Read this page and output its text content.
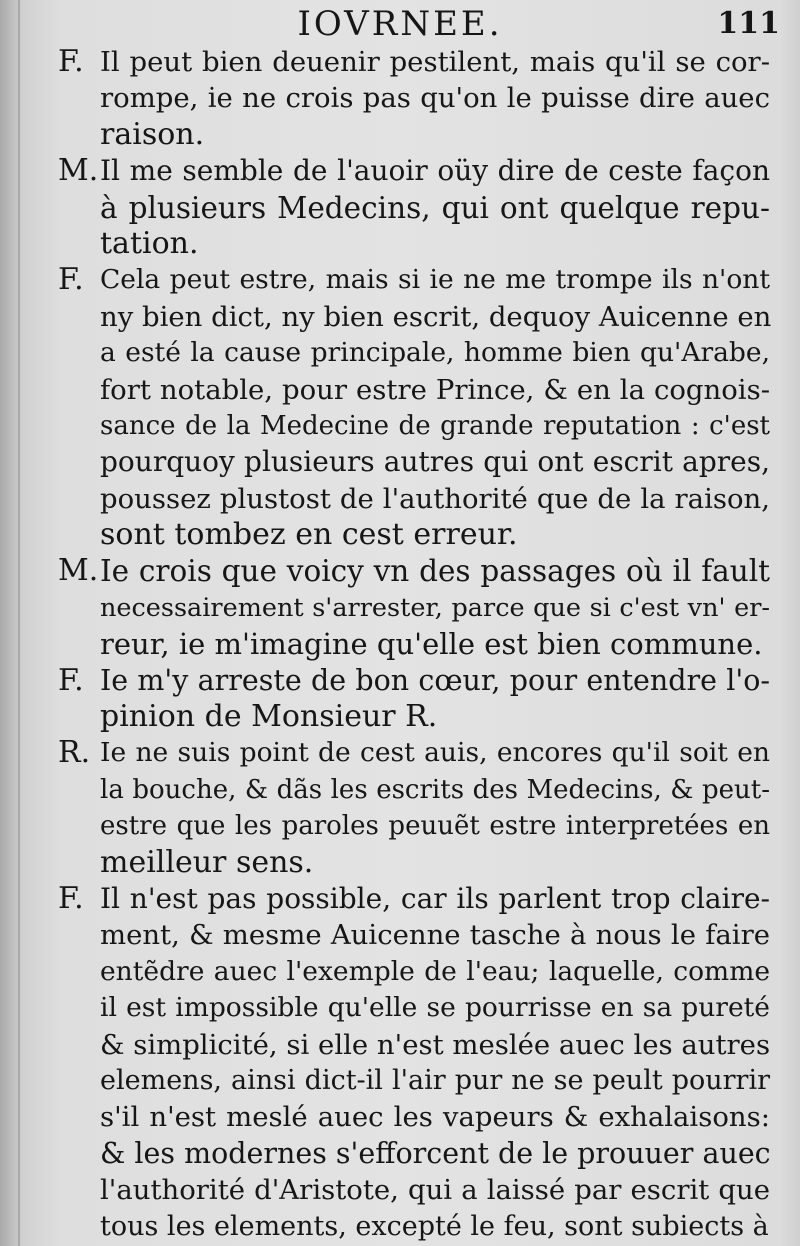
IOVRNEE.	111
F. Il peut bien deuenir pestilent, mais qu'il se cor-
rompe, ie ne crois pas qu'on le puisse dire auec
raison.
M. Il me semble de l'auoir oüy dire de ceste façon
à plusieurs Medecins, qui ont quelque repu-
tation.
F. Cela peut estre, mais si ie ne me trompe ils n'ont
ny bien dict, ny bien escrit, dequoy Auicenne en
a esté la cause principale, homme bien qu'Arabe,
fort notable, pour estre Prince, & en la cognois-
sance de la Medecine de grande reputation : c'est
pourquoy plusieurs autres qui ont escrit apres,
poussez plustost de l'authorité que de la raison,
sont tombez en cest erreur.
M. Ie crois que voicy vn des passages où il fault
necessairement s'arrester, parce que si c'est vn' er-
reur, ie m'imagine qu'elle est bien commune.
F. Ie m'y arreste de bon cœur, pour entendre l'o-
pinion de Monsieur R.
R. Ie ne suis point de cest auis, encores qu'il soit en
la bouche, & dãs les escrits des Medecins, & peut-
estre que les paroles peuuẽt estre interpretées en
meilleur sens.
F. Il n'est pas possible, car ils parlent trop claire-
ment, & mesme Auicenne tasche à nous le faire
entẽdre auec l'exemple de l'eau; laquelle, comme
il est impossible qu'elle se pourrisse en sa pureté
& simplicité, si elle n'est meslée auec les autres
elemens, ainsi dict-il l'air pur ne se peult pourrir
s'il n'est meslé auec les vapeurs & exhalaisons:
& les modernes s'efforcent de le prouuer auec
l'authorité d'Aristote, qui a laissé par escrit que
tous les elements, excepté le feu, sont subiects à
